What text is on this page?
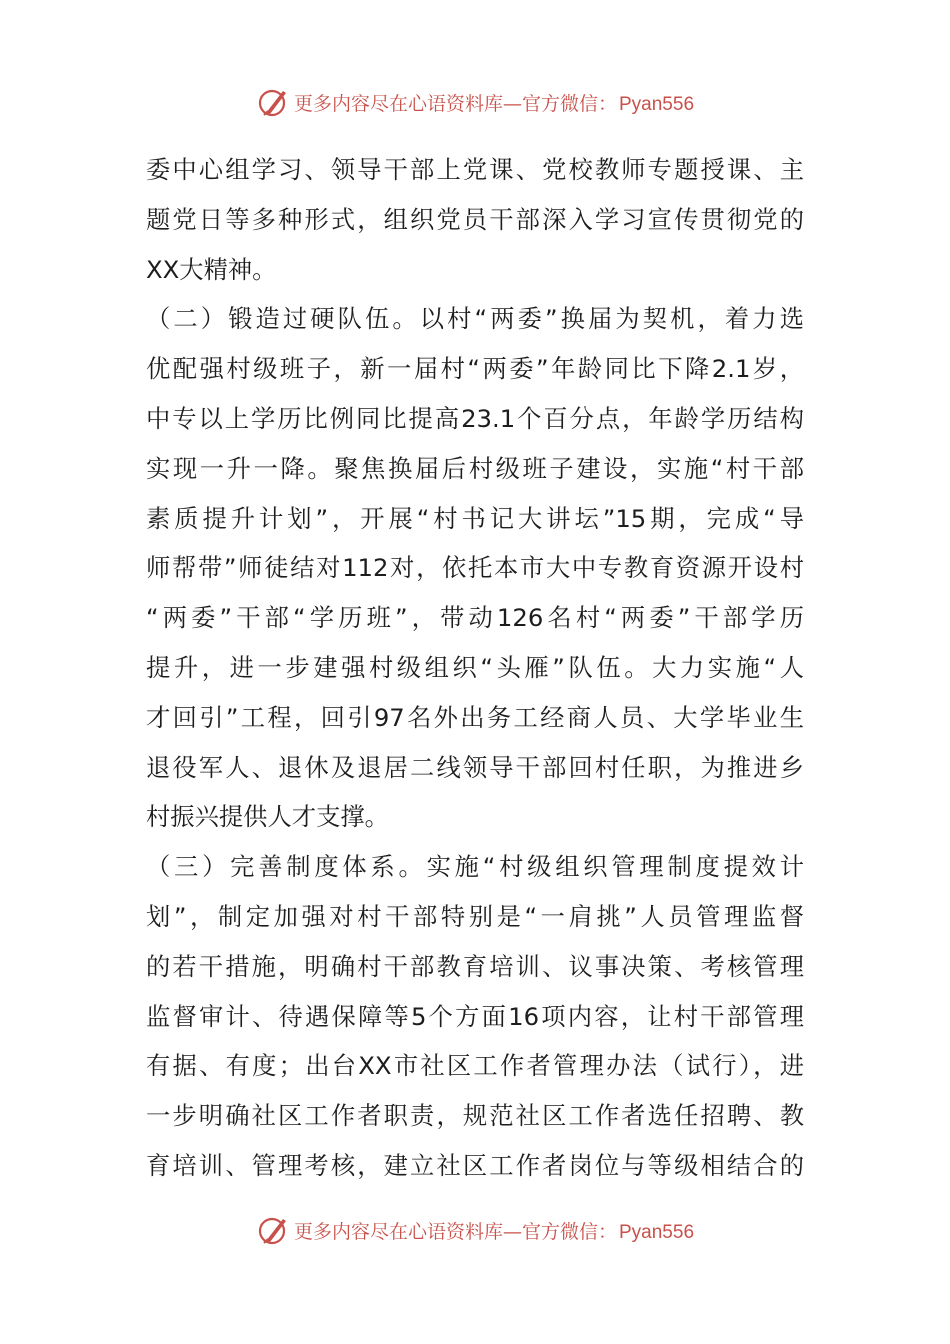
更多内容尽在心语资料库—官方微信： Pyan556
委中心组学习、领导干部上党课、党校教师专题授课、主
题党日等多种形式，组织党员干部深入学习宣传贯彻党的
XX大精神。
（二）锻造过硬队伍。以村“两委”换届为契机，着力选
优配强村级班子，新一届村“两委”年龄同比下降2.1岁，
中专以上学历比例同比提高23.1个百分点，年龄学历结构
实现一升一降。聚焦换届后村级班子建设，实施“村干部
素质提升计划”，开展“村书记大讲坛”15期，完成“导
师帮带”师徒结对112对，依托本市大中专教育资源开设村
“两委”干部“学历班”，带动126名村“两委”干部学历
提升，进一步建强村级组织“头雁”队伍。大力实施“人
才回引”工程，回引97名外出务工经商人员、大学毕业生
退役军人、退休及退居二线领导干部回村任职，为推进乡
村振兴提供人才支撑。
（三）完善制度体系。实施“村级组织管理制度提效计
划”，制定加强对村干部特别是“一肩挑”人员管理监督
的若干措施，明确村干部教育培训、议事决策、考核管理
监督审计、待遇保障等5个方面16项内容，让村干部管理
有据、有度；出台XX市社区工作者管理办法（试行），进
一步明确社区工作者职责，规范社区工作者选任招聘、教
育培训、管理考核，建立社区工作者岗位与等级相结合的
更多内容尽在心语资料库—官方微信： Pyan556
